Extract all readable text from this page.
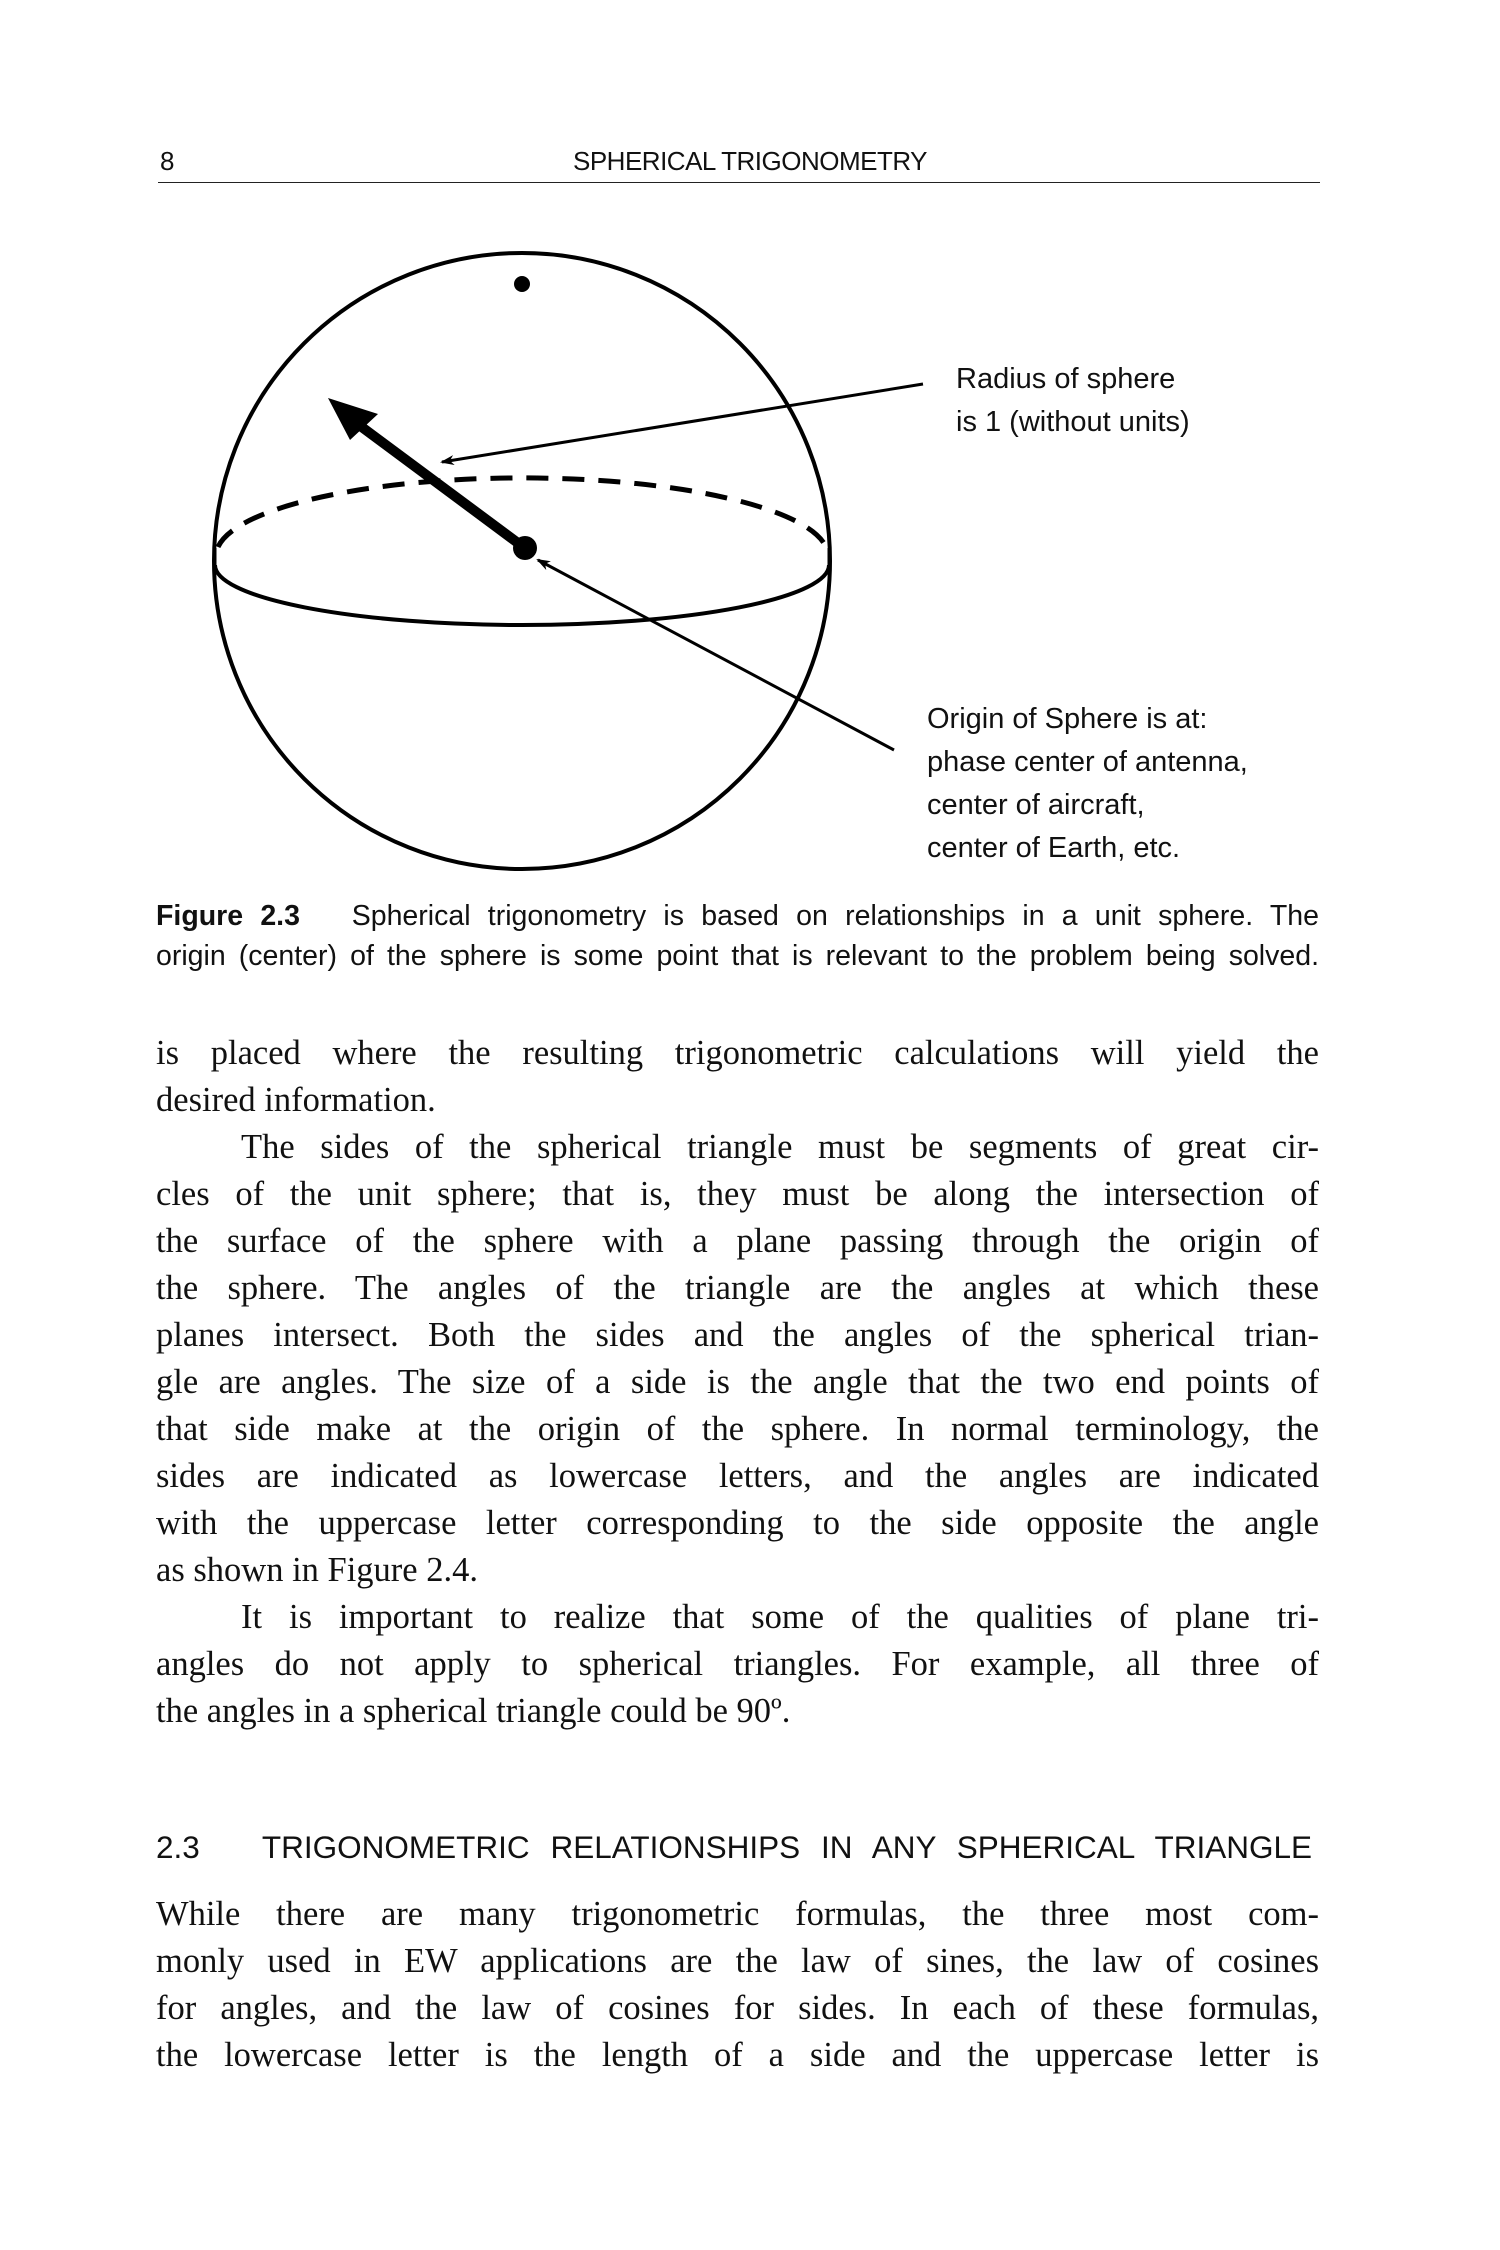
8	SPHERICAL TRIGONOMETRY
Radius of sphere
is 1 (without units)
Origin of Sphere is at:
phase center of antenna,
center of aircraft,
center of Earth, etc.
Figure 2.3 Spherical trigonometry is based on relationships in a unit sphere. The
origin (center) of the sphere is some point that is relevant to the problem being solved.
is placed where the resulting trigonometric calculations will yield the
desired information.
The sides of the spherical triangle must be segments of great cir-
cles of the unit sphere; that is, they must be along the intersection of
the surface of the sphere with a plane passing through the origin of
the sphere. The angles of the triangle are the angles at which these
planes intersect. Both the sides and the angles of the spherical trian-
gle are angles. The size of a side is the angle that the two end points of
that side make at the origin of the sphere. In normal terminology, the
sides are indicated as lowercase letters, and the angles are indicated
with the uppercase letter corresponding to the side opposite the angle
as shown in Figure 2.4.
It is important to realize that some of the qualities of plane tri-
angles do not apply to spherical triangles. For example, all three of
the angles in a spherical triangle could be 90º.
2.3   TRIGONOMETRIC RELATIONSHIPS IN ANY SPHERICAL TRIANGLE
While there are many trigonometric formulas, the three most com-
monly used in EW applications are the law of sines, the law of cosines
for angles, and the law of cosines for sides. In each of these formulas,
the lowercase letter is the length of a side and the uppercase letter is
